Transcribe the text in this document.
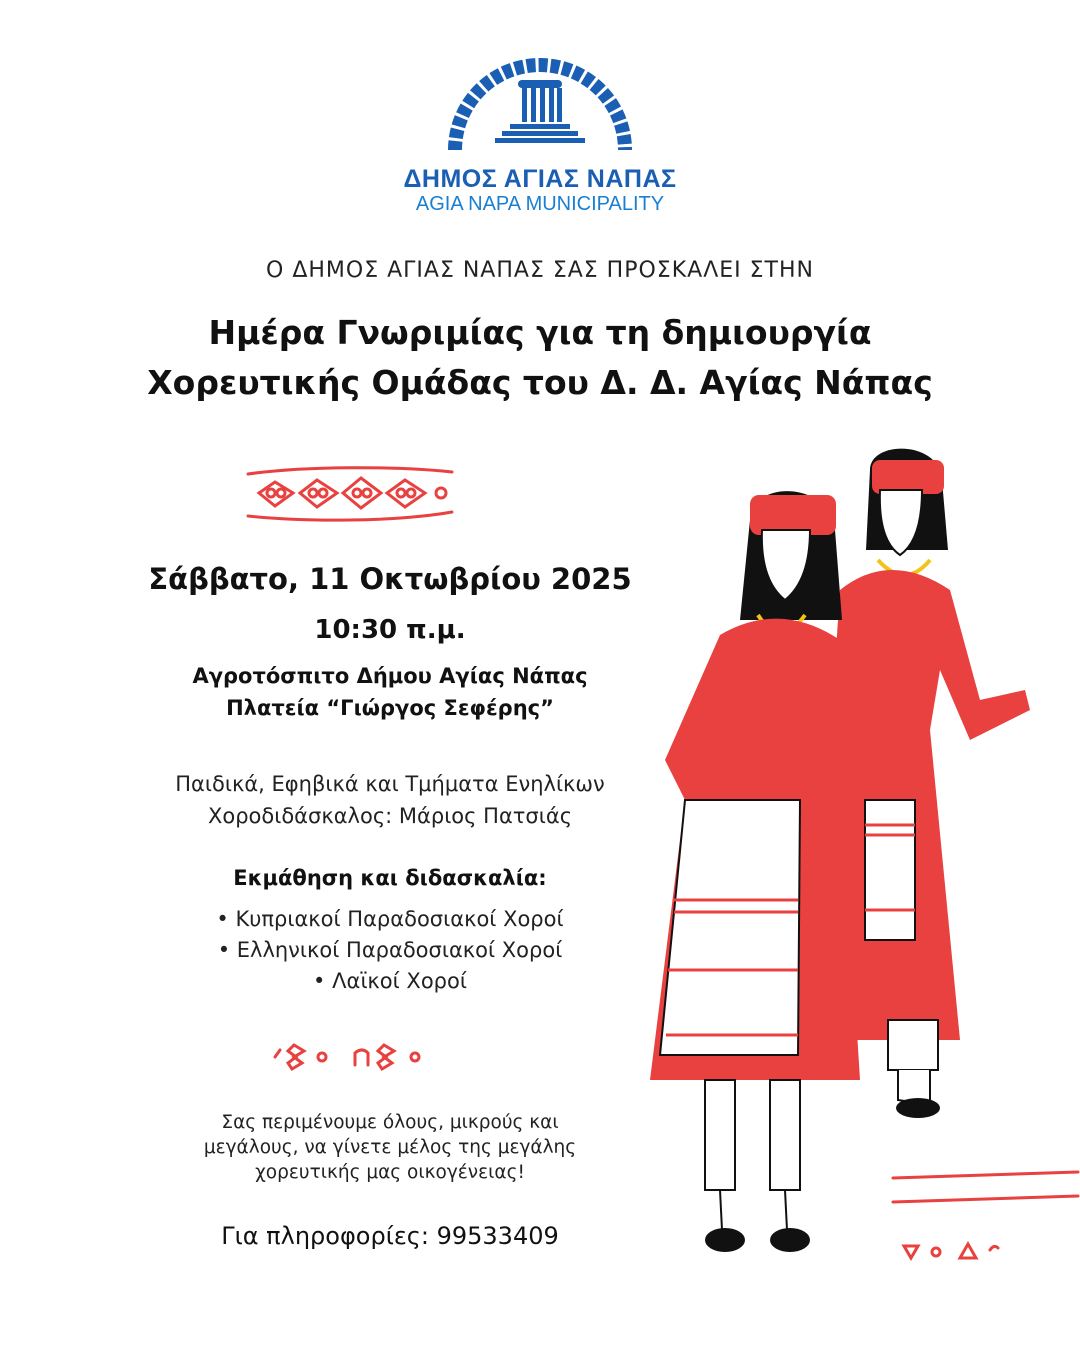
ΔΗΜΟΣ ΑΓΙΑΣ ΝΑΠΑΣ
AGIA NAPA MUNICIPALITY
Ο ΔΗΜΟΣ ΑΓΙΑΣ ΝΑΠΑΣ ΣΑΣ ΠΡΟΣΚΑΛΕΙ ΣΤΗΝ
Ημέρα Γνωριμίας για τη δημιουργία
Χορευτικής Ομάδας του Δ. Δ. Αγίας Νάπας
Σάββατο, 11 Οκτωβρίου 2025
10:30 π.μ.
Αγροτόσπιτο Δήμου Αγίας Νάπας
Πλατεία “Γιώργος Σεφέρης”
Παιδικά, Εφηβικά και Τμήματα Ενηλίκων
Χοροδιδάσκαλος: Μάριος Πατσιάς
Εκμάθηση και διδασκαλία:
• Κυπριακοί Παραδοσιακοί Χοροί
• Ελληνικοί Παραδοσιακοί Χοροί
• Λαϊκοί Χοροί
Σας περιμένουμε όλους, μικρούς και
μεγάλους, να γίνετε μέλος της μεγάλης
χορευτικής μας οικογένειας!
Για πληροφορίες: 99533409
